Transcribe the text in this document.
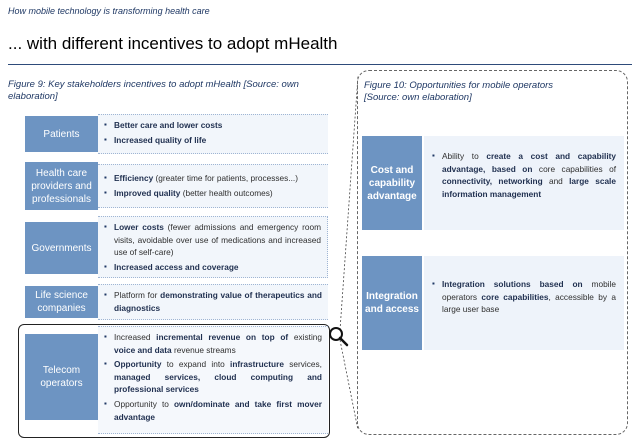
How mobile technology is transforming health care
... with different incentives to adopt mHealth
Figure 9: Key stakeholders incentives to adopt mHealth [Source: own
elaboration]
Patients
▪ Better care and lower costs
▪ Increased quality of life
Health care providers and professionals
▪ Efficiency (greater time for patients, processes...)
▪ Improved quality (better health outcomes)
Governments
▪ Lower costs (fewer admissions and emergency room visits, avoidable over use of medications and increased use of self-care)
▪ Increased access and coverage
Life science companies
▪ Platform for demonstrating value of therapeutics and diagnostics
Telecom operators
▪ Increased incremental revenue on top of existing voice and data revenue streams
▪ Opportunity to expand into infrastructure services, managed services, cloud computing and professional services
▪ Opportunity to own/dominate and take first mover advantage
Figure 10: Opportunities for mobile operators
[Source: own elaboration]
Cost and capability advantage
▪ Ability to create a cost and capability advantage, based on core capabilities of connectivity, networking and large scale information management
Integration and access
▪ Integration solutions based on mobile operators core capabilities, accessible by a large user base
